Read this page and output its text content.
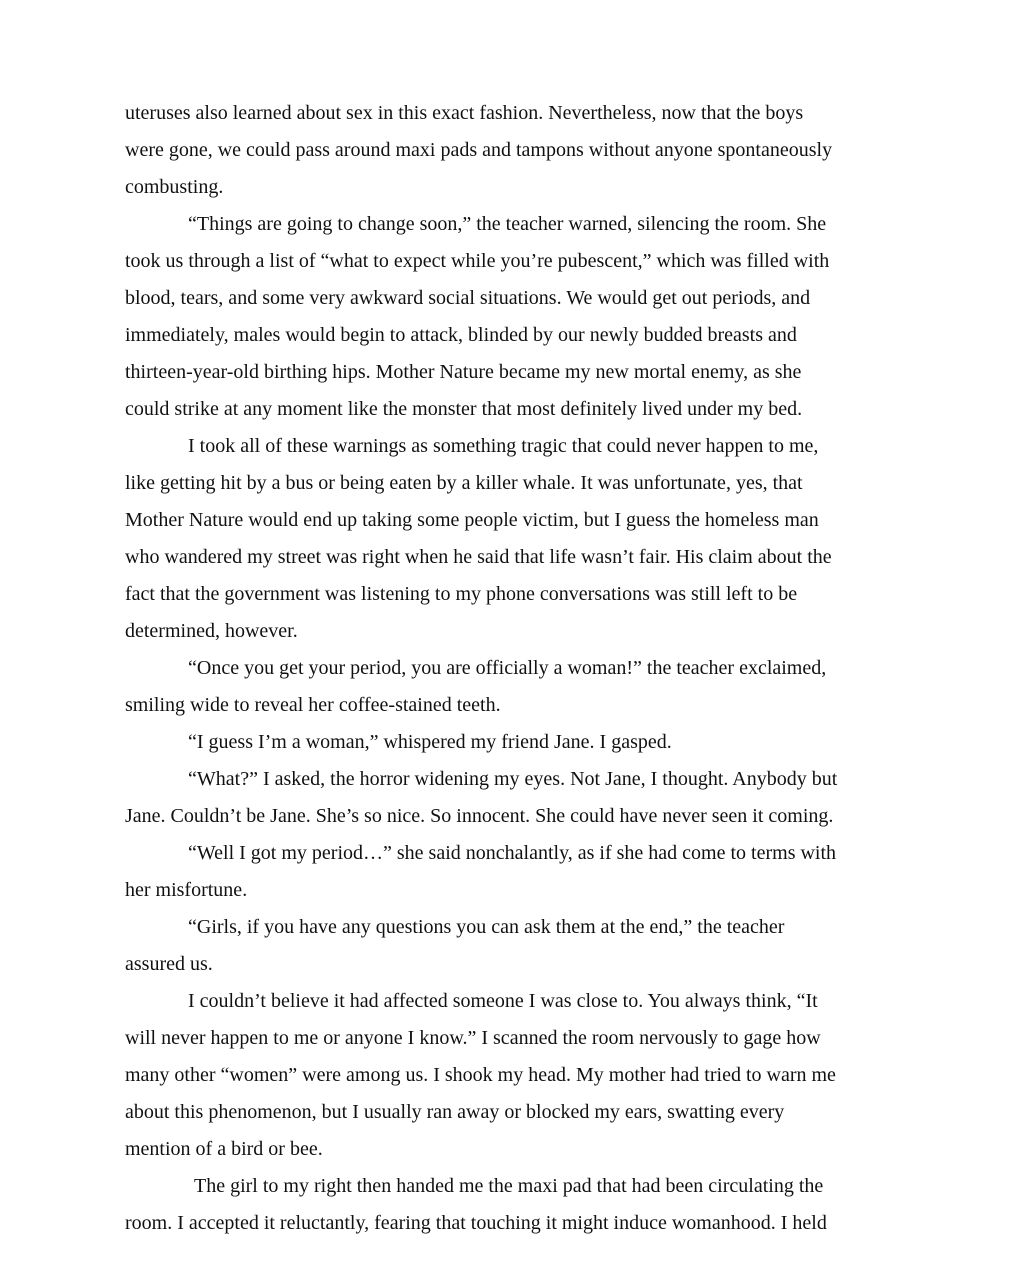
uteruses also learned about sex in this exact fashion. Nevertheless, now that the boys
were gone, we could pass around maxi pads and tampons without anyone spontaneously
combusting.
“Things are going to change soon,” the teacher warned, silencing the room. She
took us through a list of “what to expect while you’re pubescent,” which was filled with
blood, tears, and some very awkward social situations. We would get out periods, and
immediately, males would begin to attack, blinded by our newly budded breasts and
thirteen-year-old birthing hips. Mother Nature became my new mortal enemy, as she
could strike at any moment like the monster that most definitely lived under my bed.
I took all of these warnings as something tragic that could never happen to me,
like getting hit by a bus or being eaten by a killer whale. It was unfortunate, yes, that
Mother Nature would end up taking some people victim, but I guess the homeless man
who wandered my street was right when he said that life wasn’t fair. His claim about the
fact that the government was listening to my phone conversations was still left to be
determined, however.
“Once you get your period, you are officially a woman!” the teacher exclaimed,
smiling wide to reveal her coffee-stained teeth.
“I guess I’m a woman,” whispered my friend Jane. I gasped.
“What?” I asked, the horror widening my eyes. Not Jane, I thought. Anybody but
Jane. Couldn’t be Jane. She’s so nice. So innocent. She could have never seen it coming.
“Well I got my period…” she said nonchalantly, as if she had come to terms with
her misfortune.
“Girls, if you have any questions you can ask them at the end,” the teacher
assured us.
I couldn’t believe it had affected someone I was close to. You always think, “It
will never happen to me or anyone I know.” I scanned the room nervously to gage how
many other “women” were among us. I shook my head. My mother had tried to warn me
about this phenomenon, but I usually ran away or blocked my ears, swatting every
mention of a bird or bee.
The girl to my right then handed me the maxi pad that had been circulating the
room. I accepted it reluctantly, fearing that touching it might induce womanhood. I held
